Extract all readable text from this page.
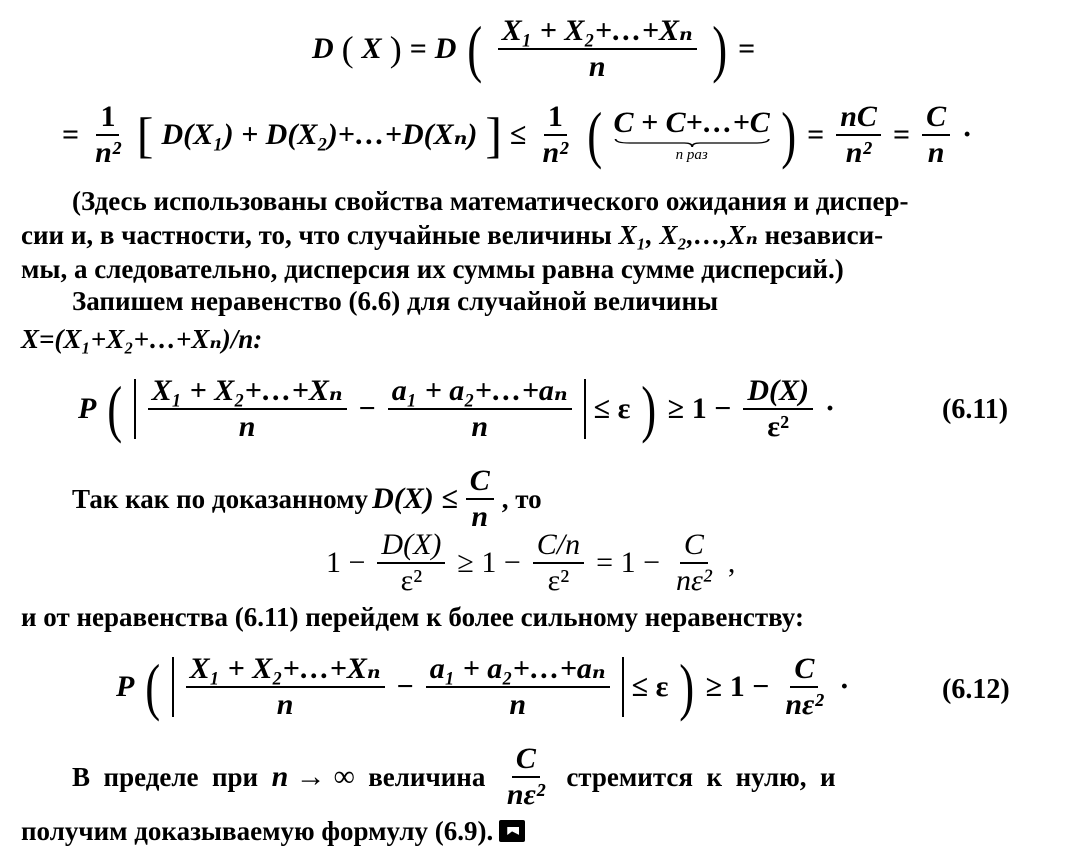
D ( X ) = D ( $\frac{\text{X₁ + X₂+…+Xₙ}}{n}$ ) =
= $\frac{1}{\text{n²}}$ [ D(X₁) + D(X₂)+…+D(Xₙ) ] ≤ $\frac{1}{\text{n²}}$ ( C + C+…+C
n раз ) = $\frac{nC}{\text{n²}} = \frac{C}{n}$ ·
(Здесь использованы свойства математического ожидания и диспер-
сии и, в частности, то, что случайные величины X₁, X₂,…,Xₙ независи-
мы, а следовательно, дисперсия их суммы равна сумме дисперсий.)
Запишем неравенство (6.6) для случайной величины
X=(X₁+X₂+…+Xₙ)/n:
P ( $\frac{\text{X₁ + X₂+…+Xₙ}}{n} - \frac{\text{a₁ + a₂+…+aₙ}}{n} \le \varepsilon$ ) ≥ $1 - \frac{D(X)}{\text{ε²}}$ ·	(6.11)
Так как по доказанному $D(X) \le \frac{C}{n}$ , то
$1 - \frac{D(X)}{\text{ε²}} \ge 1 - \frac{C/n}{\text{ε²}} = 1 - \frac{C}{\text{nε²}}$ ,
и от неравенства (6.11) перейдем к более сильному неравенству:
P ( $\frac{\text{X₁ + X₂+…+Xₙ}}{n} - \frac{\text{a₁ + a₂+…+aₙ}}{n} \le \varepsilon$ ) ≥ $1 - \frac{C}{\text{nε²}}$ ·	(6.12)
В  пределе  при n → ∞ величина $\frac{C}{\text{nε²}}$ стремится  к  нулю,  и
получим доказываемую формулу (6.9).
